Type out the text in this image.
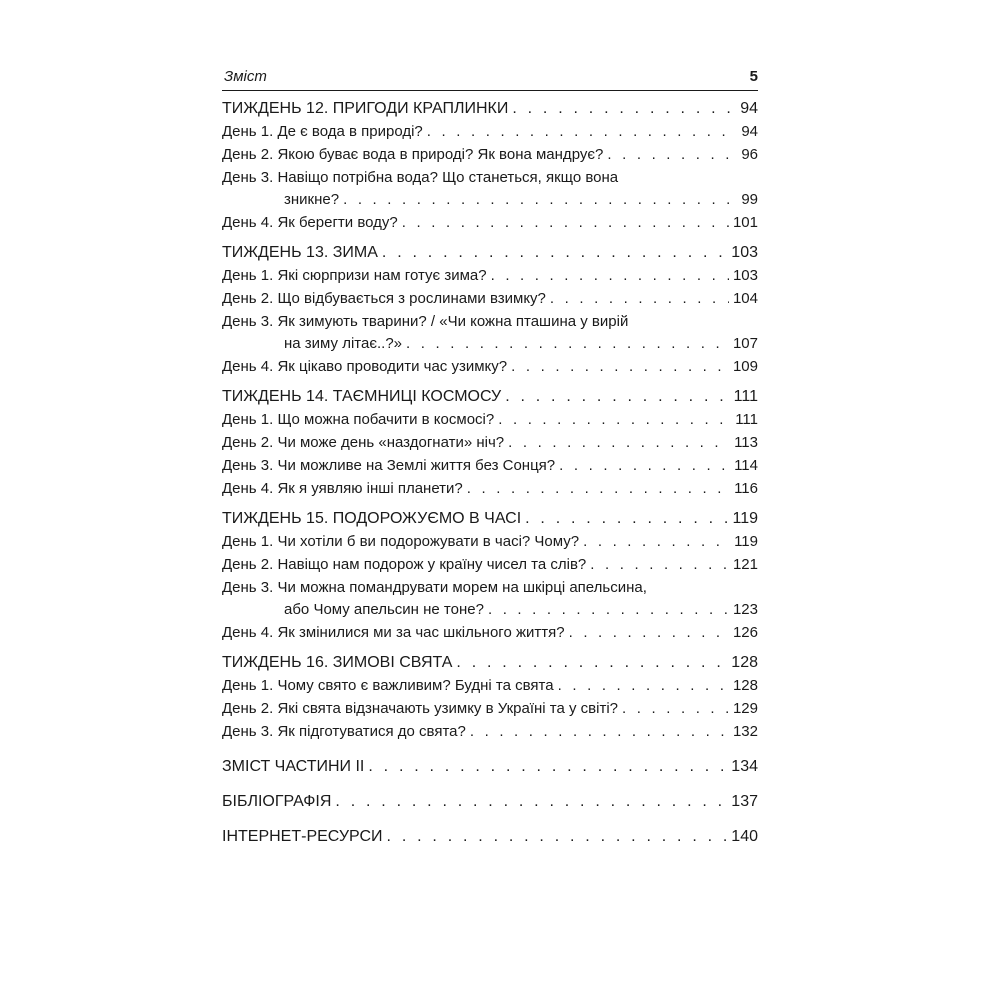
Зміст	5
ТИЖДЕНЬ 12. ПРИГОДИ КРАПЛИНКИ . . .	94
День 1. Де є вода в природі? . . .	94
День 2. Якою буває вода в природі? Як вона мандрує? . . .	96
День 3. Навіщо потрібна вода? Що станеться, якщо вона
зникне? . . .	99
День 4. Як берегти воду? . . .	101
ТИЖДЕНЬ 13. ЗИМА . . .	103
День 1. Які сюрпризи нам готує зима? . . .	103
День 2. Що відбувається з рослинами взимку? . . .	104
День 3. Як зимують тварини? / «Чи кожна пташина у вирій
на зиму літає..?» . . .	107
День 4. Як цікаво проводити час узимку? . . .	109
ТИЖДЕНЬ 14. ТАЄМНИЦІ КОСМОСУ . . .	111
День 1. Що можна побачити в космосі? . . .	111
День 2. Чи може день «наздогнати» ніч? . . .	113
День 3. Чи можливе на Землі життя без Сонця? . . .	114
День 4. Як я уявляю інші планети? . . .	116
ТИЖДЕНЬ 15. ПОДОРОЖУЄМО В ЧАСІ . . .	119
День 1. Чи хотіли б ви подорожувати в часі? Чому? . . .	119
День 2. Навіщо нам подорож у країну чисел та слів? . . .	121
День 3. Чи можна помандрувати морем на шкірці апельсина,
або Чому апельсин не тоне? . . .	123
День 4. Як змінилися ми за час шкільного життя? . . .	126
ТИЖДЕНЬ 16. ЗИМОВІ СВЯТА . . .	128
День 1. Чому свято є важливим? Будні та свята . . .	128
День 2. Які свята відзначають узимку в Україні та у світі? . . .	129
День 3. Як підготуватися до свята? . . .	132
ЗМІСТ ЧАСТИНИ ІІ . . .	134
БІБЛІОГРАФІЯ . . .	137
ІНТЕРНЕТ-РЕСУРСИ . . .	140
